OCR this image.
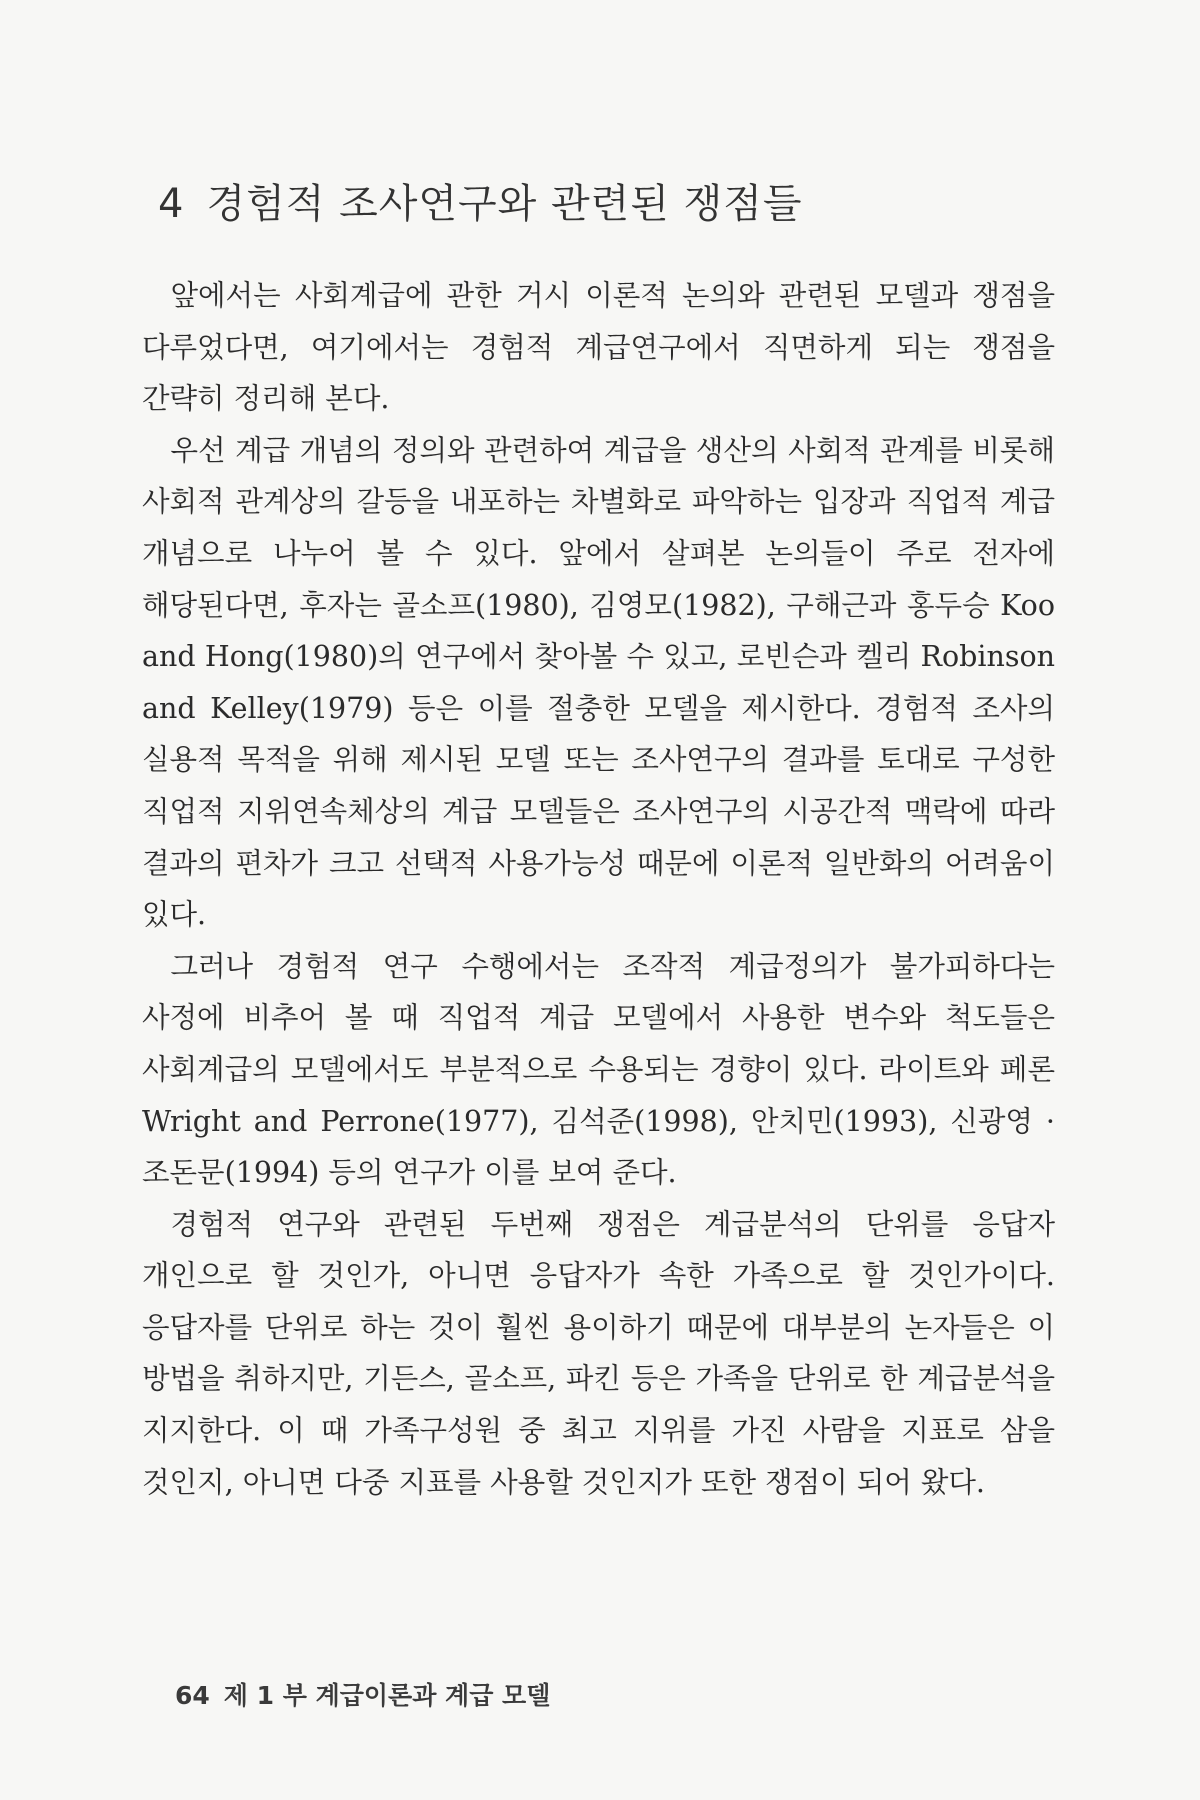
4 경험적 조사연구와 관련된 쟁점들

앞에서는 사회계급에 관한 거시 이론적 논의와 관련된 모델과 쟁점을 다루었다면, 여기에서는 경험적 계급연구에서 직면하게 되는 쟁점을 간략히 정리해 본다.

우선 계급 개념의 정의와 관련하여 계급을 생산의 사회적 관계를 비롯해 사회적 관계상의 갈등을 내포하는 차별화로 파악하는 입장과 직업적 계급 개념으로 나누어 볼 수 있다. 앞에서 살펴본 논의들이 주로 전자에 해당된다면, 후자는 골소프(1980), 김영모(1982), 구해근과 홍두승 Koo and Hong(1980)의 연구에서 찾아볼 수 있고, 로빈슨과 켈리 Robinson and Kelley(1979) 등은 이를 절충한 모델을 제시한다. 경험적 조사의 실용적 목적을 위해 제시된 모델 또는 조사연구의 결과를 토대로 구성한 직업적 지위연속체상의 계급 모델들은 조사연구의 시공간적 맥락에 따라 결과의 편차가 크고 선택적 사용가능성 때문에 이론적 일반화의 어려움이 있다.

그러나 경험적 연구 수행에서는 조작적 계급정의가 불가피하다는 사정에 비추어 볼 때 직업적 계급 모델에서 사용한 변수와 척도들은 사회계급의 모델에서도 부분적으로 수용되는 경향이 있다. 라이트와 페론 Wright and Perrone(1977), 김석준(1998), 안치민(1993), 신광영 · 조돈문(1994) 등의 연구가 이를 보여 준다.

경험적 연구와 관련된 두번째 쟁점은 계급분석의 단위를 응답자 개인으로 할 것인가, 아니면 응답자가 속한 가족으로 할 것인가이다. 응답자를 단위로 하는 것이 훨씬 용이하기 때문에 대부분의 논자들은 이 방법을 취하지만, 기든스, 골소프, 파킨 등은 가족을 단위로 한 계급분석을 지지한다. 이 때 가족구성원 중 최고 지위를 가진 사람을 지표로 삼을 것인지, 아니면 다중 지표를 사용할 것인지가 또한 쟁점이 되어 왔다.

64 제 1 부 계급이론과 계급 모델
